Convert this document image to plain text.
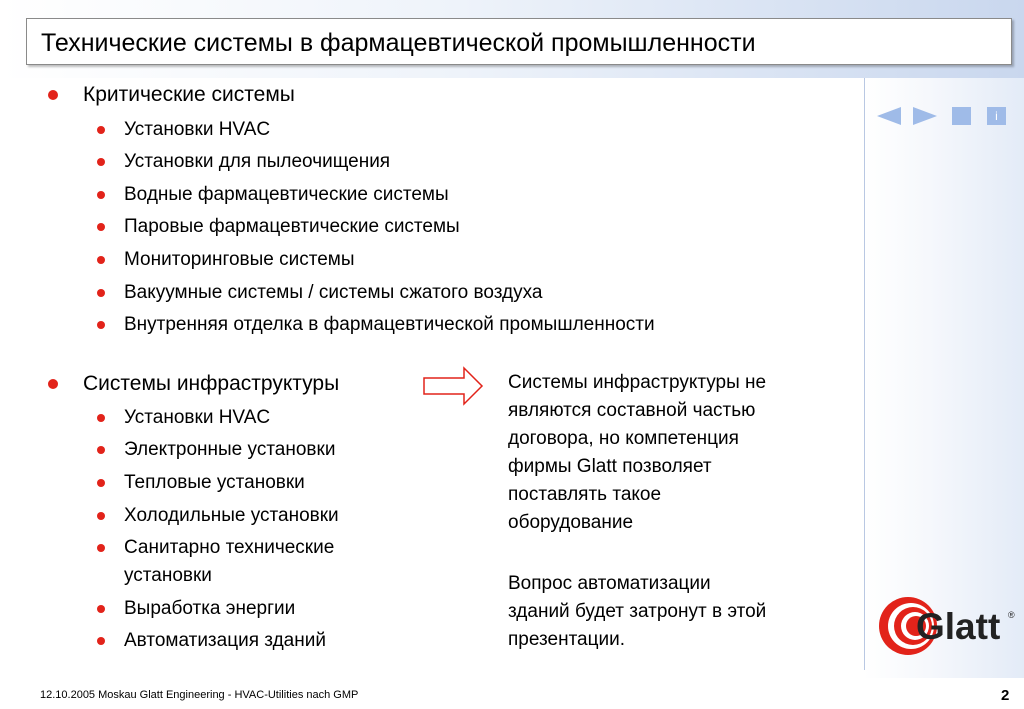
Технические системы в фармацевтической промышленности
i
Критические системы
Установки HVAC
Установки для пылеочищения
Водные фармацевтические системы
Паровые фармацевтические системы
Мониторинговые системы
Вакуумные системы / системы сжатого воздуха
Внутренняя отделка в фармацевтической промышленности
Системы инфраструктуры
Установки HVAC
Электронные установки
Тепловые установки
Холодильные установки
Санитарно технические
установки
Выработка энергии
Автоматизация зданий
Системы инфраструктуры не
являются составной частью
договора, но компетенция
фирмы Glatt позволяет
поставлять такое
оборудование
Вопрос автоматизации
зданий будет затронут в этой
презентации.	Glatt ®
12.10.2005 Moskau Glatt Engineering - HVAC-Utilities nach GMP	2
